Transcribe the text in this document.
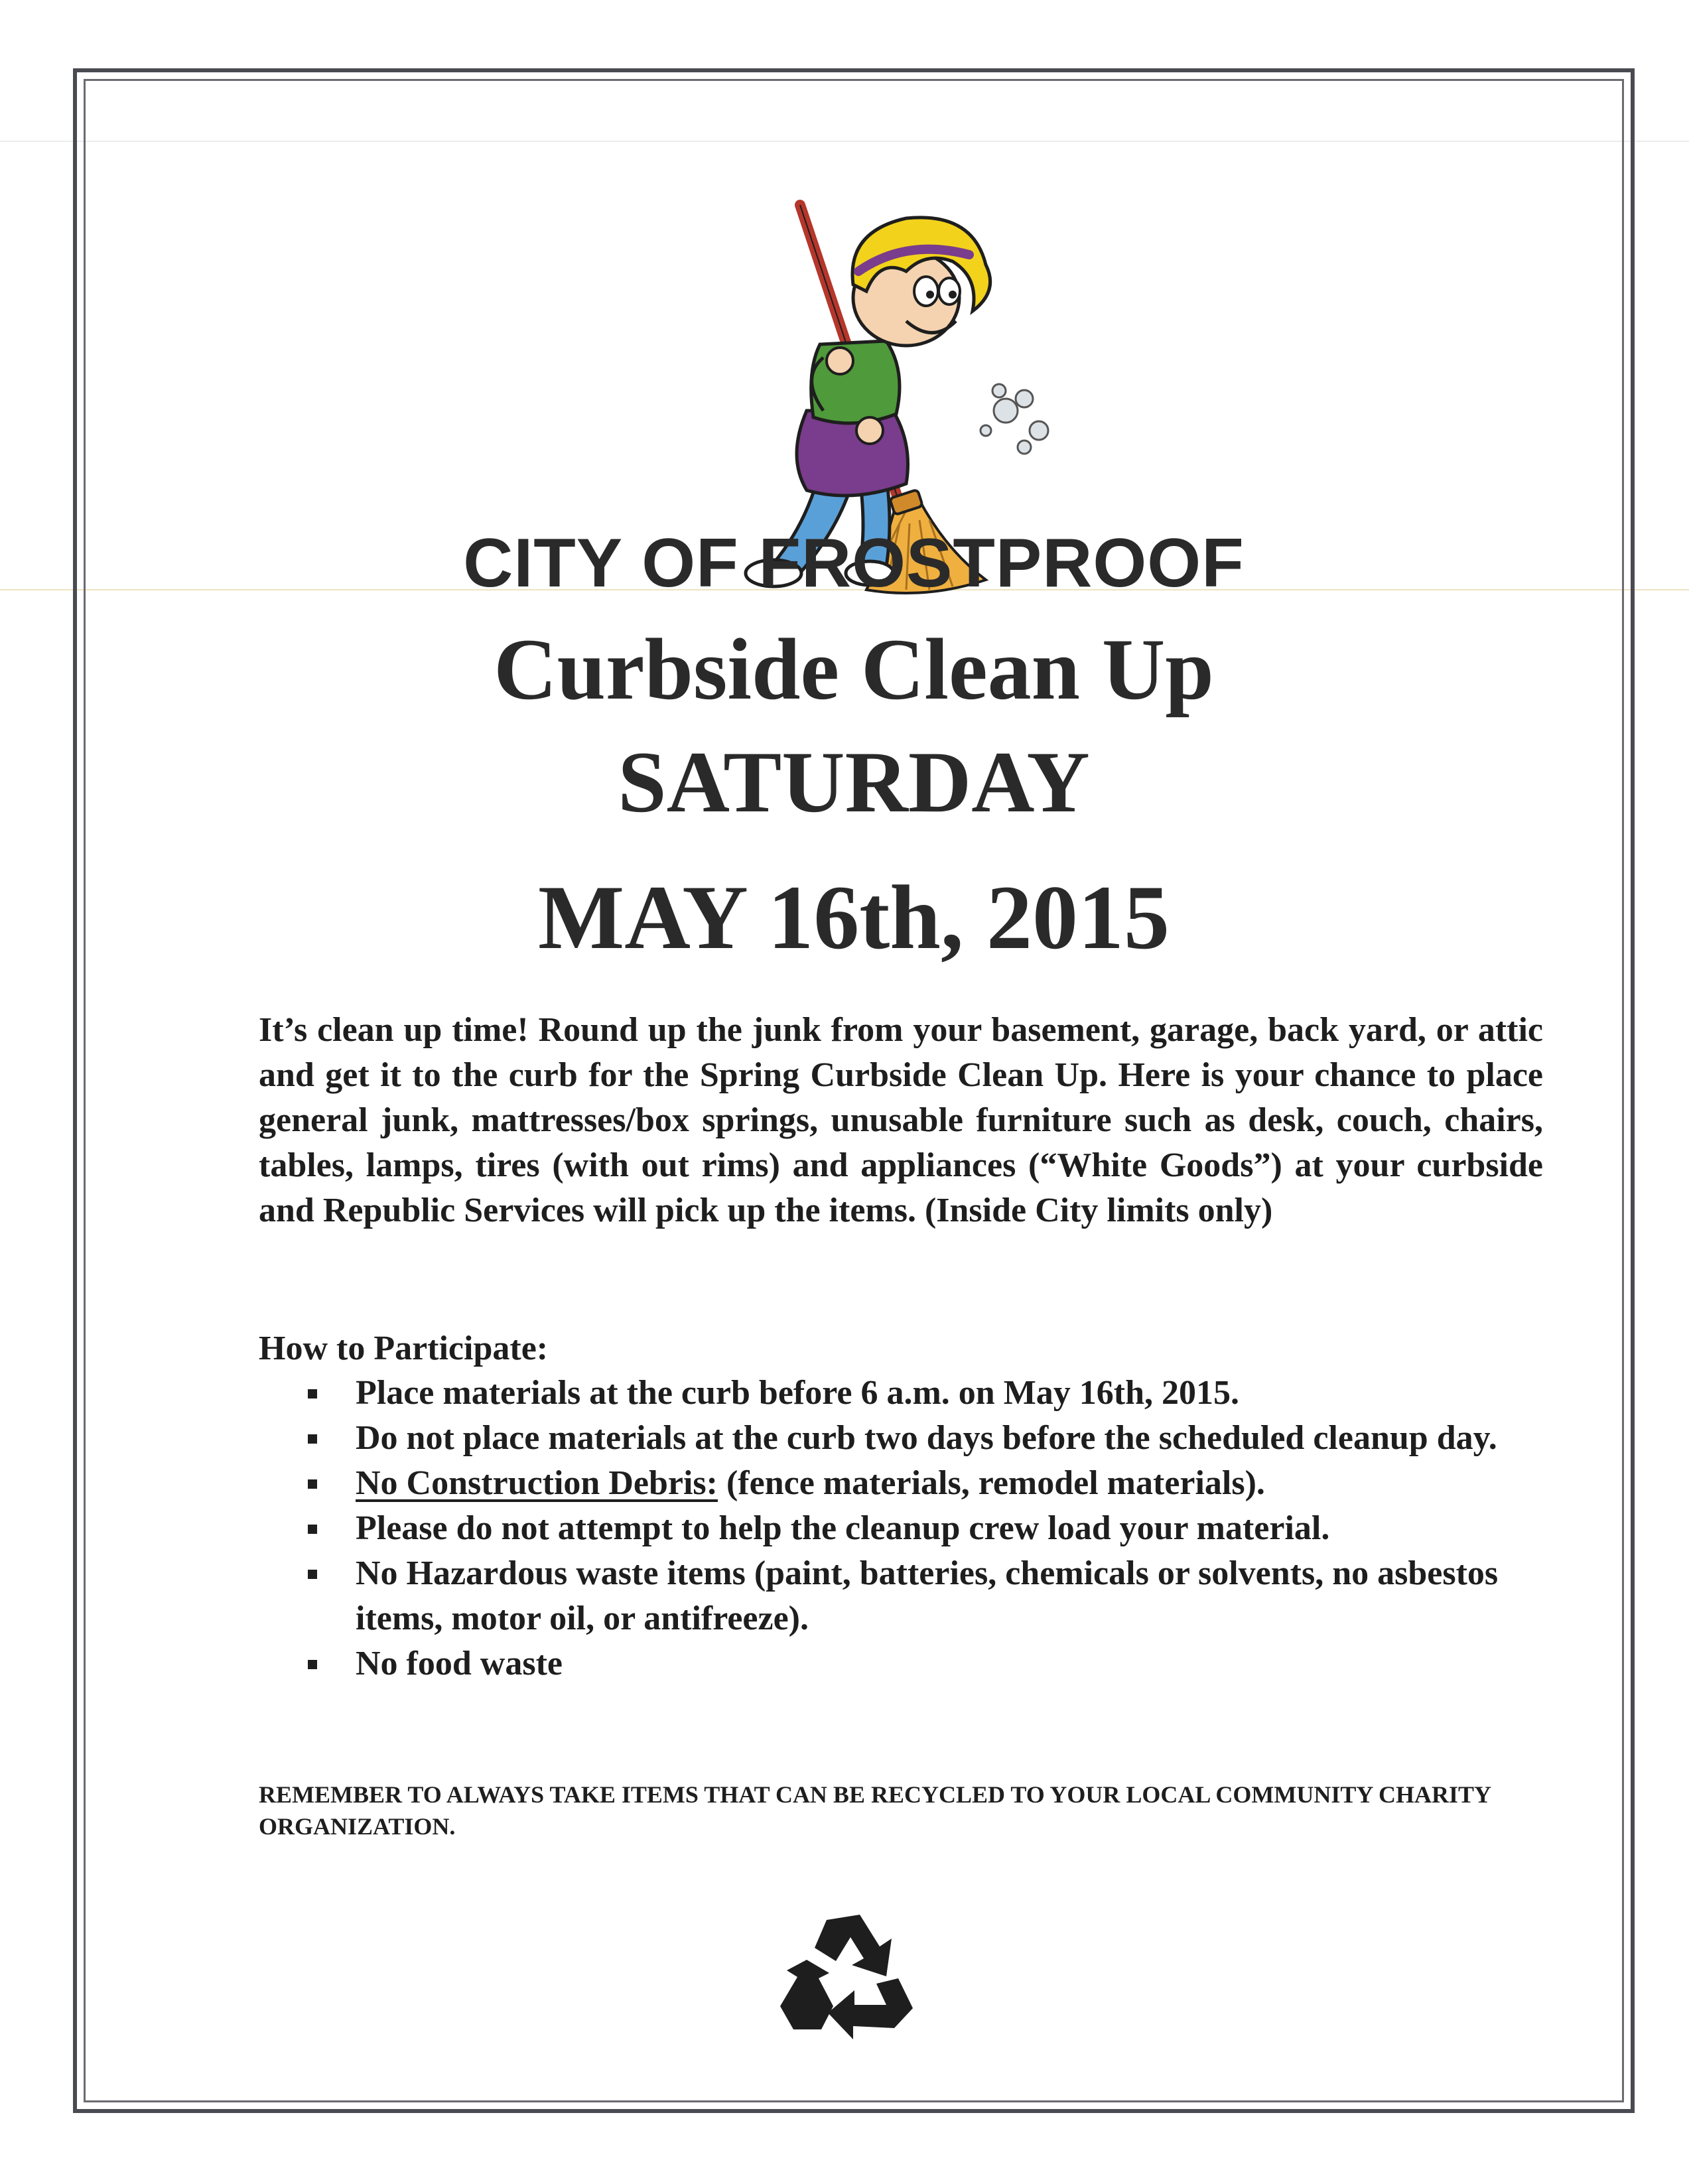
CITY OF FROSTPROOF
Curbside Clean Up
SATURDAY
MAY 16th, 2015

It’s clean up time! Round up the junk from your basement, garage, back yard, or attic and get it to the curb for the Spring Curbside Clean Up. Here is your chance to place general junk, mattresses/box springs, unusable furniture such as desk, couch, chairs, tables, lamps, tires (with out rims) and appliances (“White Goods”) at your curbside and Republic Services will pick up the items. (Inside City limits only)

How to Participate:
Place materials at the curb before 6 a.m. on May 16th, 2015.
Do not place materials at the curb two days before the scheduled cleanup day.
No Construction Debris: (fence materials, remodel materials).
Please do not attempt to help the cleanup crew load your material.
No Hazardous waste items (paint, batteries, chemicals or solvents, no asbestos items, motor oil, or antifreeze).
No food waste

REMEMBER TO ALWAYS TAKE ITEMS THAT CAN BE RECYCLED TO YOUR LOCAL COMMUNITY CHARITY ORGANIZATION.
